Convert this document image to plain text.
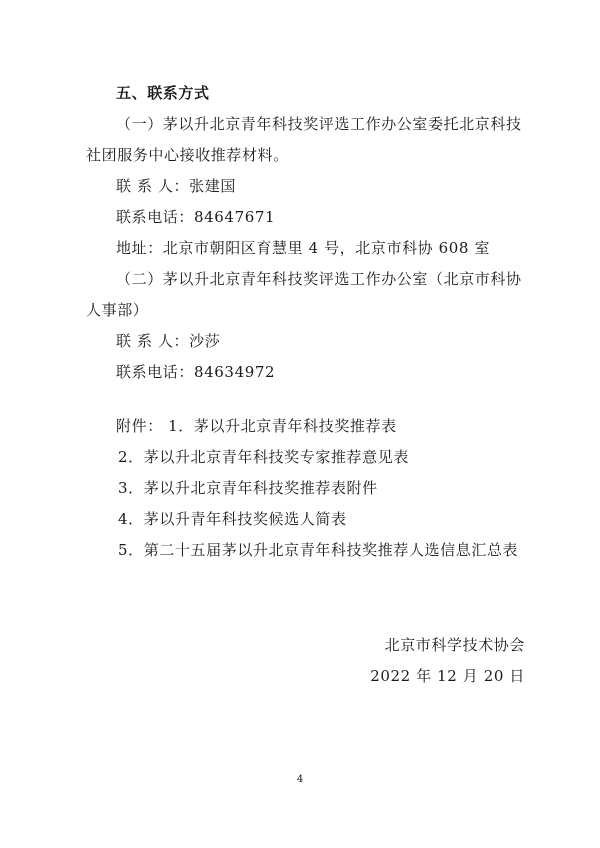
五、联系方式
（一）茅以升北京青年科技奖评选工作办公室委托北京科技
社团服务中心接收推荐材料。
联 系 人：张建国
联系电话：84647671
地址：北京市朝阳区育慧里 4 号，北京市科协 608 室
（二）茅以升北京青年科技奖评选工作办公室（北京市科协
人事部）
联 系 人：沙莎
联系电话：84634972
附件： 1．茅以升北京青年科技奖推荐表
2．茅以升北京青年科技奖专家推荐意见表
3．茅以升北京青年科技奖推荐表附件
4．茅以升青年科技奖候选人简表
5．第二十五届茅以升北京青年科技奖推荐人选信息汇总表
北京市科学技术协会
2022 年 12 月 20 日
4
